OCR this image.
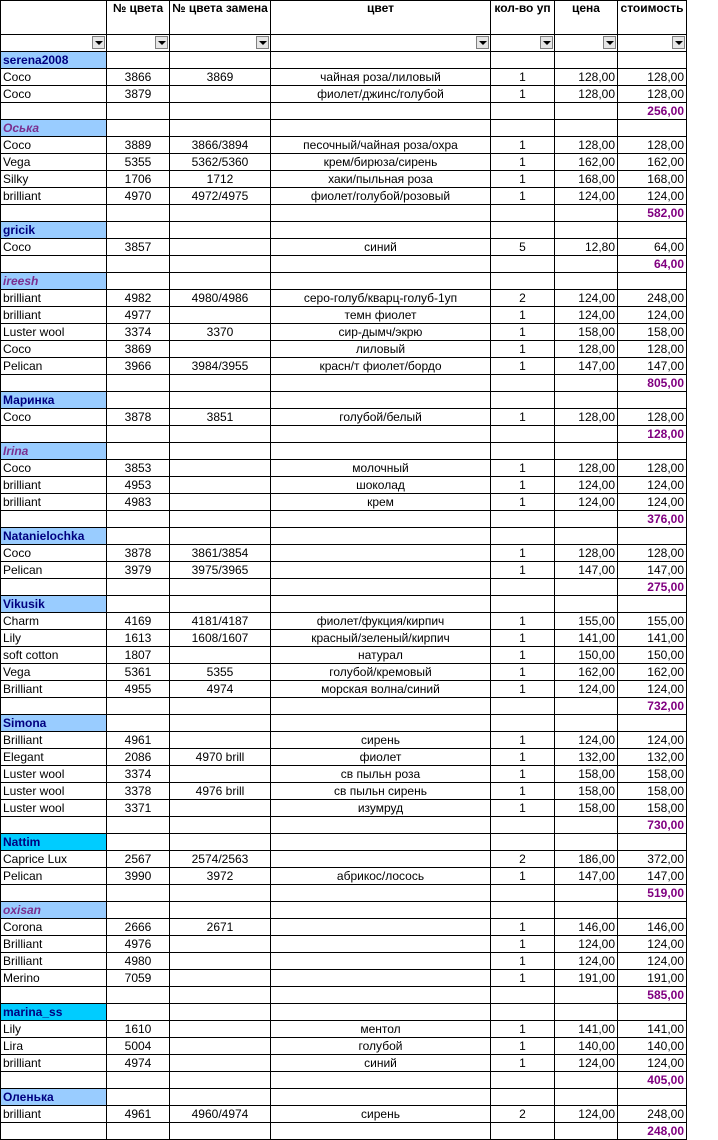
	№ цвета	№ цвета замена	цвет	кол-во уп	цена	стоимость

serena2008						
Coco	3866	3869	чайная роза/лиловый	1	128,00	128,00
Coco	3879		фиолет/джинс/голубой	1	128,00	128,00
						256,00
Оська						
Coco	3889	3866/3894	песочный/чайная роза/охра	1	128,00	128,00
Vega	5355	5362/5360	крем/бирюза/сирень	1	162,00	162,00
Silky	1706	1712	хаки/пыльная роза	1	168,00	168,00
brilliant	4970	4972/4975	фиолет/голубой/розовый	1	124,00	124,00
						582,00
gricik						
Coco	3857		синий	5	12,80	64,00
						64,00
ireesh						
brilliant	4982	4980/4986	серо-голуб/кварц-голуб-1уп	2	124,00	248,00
brilliant	4977		темн фиолет	1	124,00	124,00
Luster wool	3374	3370	сир-дымч/экрю	1	158,00	158,00
Coco	3869		лиловый	1	128,00	128,00
Pelican	3966	3984/3955	красн/т фиолет/бордо	1	147,00	147,00
						805,00
Маринка						
Coco	3878	3851	голубой/белый	1	128,00	128,00
						128,00
Irina						
Coco	3853		молочный	1	128,00	128,00
brilliant	4953		шоколад	1	124,00	124,00
brilliant	4983		крем	1	124,00	124,00
						376,00
Natanielochka						
Coco	3878	3861/3854		1	128,00	128,00
Pelican	3979	3975/3965		1	147,00	147,00
						275,00
Vikusik						
Charm	4169	4181/4187	фиолет/фукция/кирпич	1	155,00	155,00
Lily	1613	1608/1607	красный/зеленый/кирпич	1	141,00	141,00
soft cotton	1807		натурал	1	150,00	150,00
Vega	5361	5355	голубой/кремовый	1	162,00	162,00
Brilliant	4955	4974	морская волна/синий	1	124,00	124,00
						732,00
Simona						
Brilliant	4961		сирень	1	124,00	124,00
Elegant	2086	4970 brill	фиолет	1	132,00	132,00
Luster wool	3374		св пыльн роза	1	158,00	158,00
Luster wool	3378	4976 brill	св пыльн сирень	1	158,00	158,00
Luster wool	3371		изумруд	1	158,00	158,00
						730,00
Nattim						
Caprice Lux	2567	2574/2563		2	186,00	372,00
Pelican	3990	3972	абрикос/лосось	1	147,00	147,00
						519,00
oxisan						
Corona	2666	2671		1	146,00	146,00
Brilliant	4976			1	124,00	124,00
Brilliant	4980			1	124,00	124,00
Merino	7059			1	191,00	191,00
						585,00
marina_ss						
Lily	1610		ментол	1	141,00	141,00
Lira	5004		голубой	1	140,00	140,00
brilliant	4974		синий	1	124,00	124,00
						405,00
Оленька						
brilliant	4961	4960/4974	сирень	2	124,00	248,00
						248,00
